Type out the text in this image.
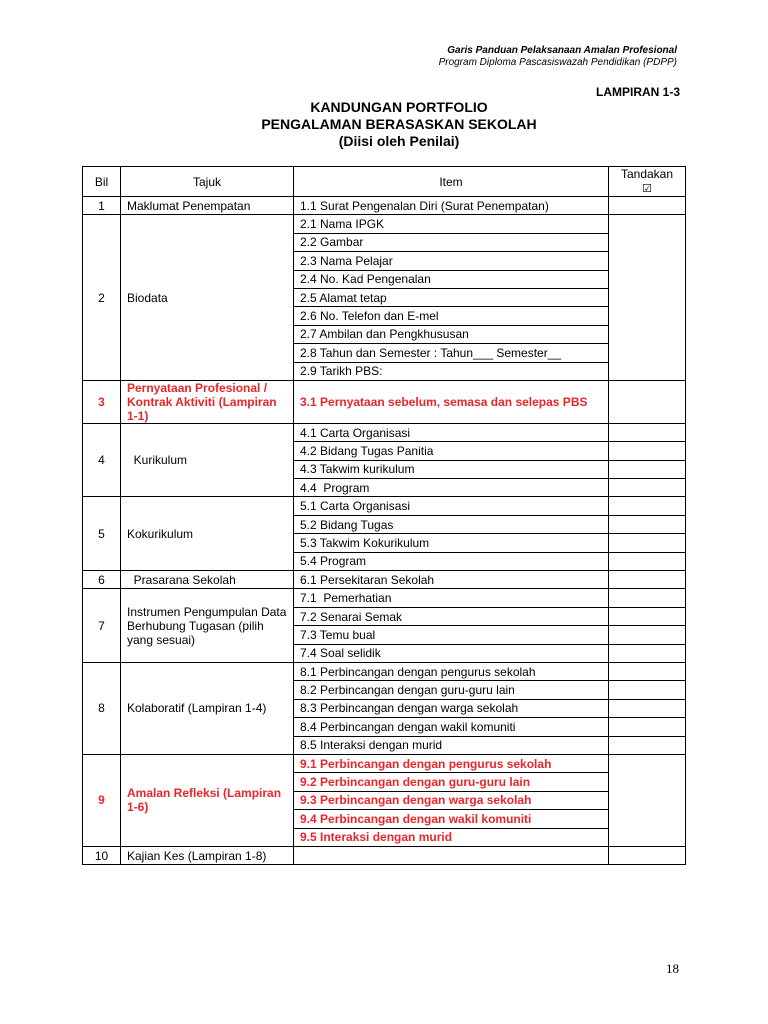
Garis Panduan Pelaksanaan Amalan Profesional
Program Diploma Pascasiswazah Pendidikan (PDPP)
LAMPIRAN 1-3
KANDUNGAN PORTFOLIO
PENGALAMAN BERASASKAN SEKOLAH
(Diisi oleh Penilai)
Bil	Tajuk	Item	Tandakan
☑
1	Maklumat Penempatan	1.1 Surat Pengenalan Diri (Surat Penempatan)	
2	Biodata	2.1 Nama IPGK	
		2.2 Gambar	
		2.3 Nama Pelajar	
		2.4 No. Kad Pengenalan	
		2.5 Alamat tetap	
		2.6 No. Telefon dan E-mel	
		2.7 Ambilan dan Pengkhususan	
		2.8 Tahun dan Semester : Tahun___ Semester__	
		2.9 Tarikh PBS:	
3	Pernyataan Profesional / Kontrak Aktiviti (Lampiran 1-1)	3.1 Pernyataan sebelum, semasa dan selepas PBS	
4	Kurikulum	4.1 Carta Organisasi	
		4.2 Bidang Tugas Panitia	
		4.3 Takwim kurikulum	
		4.4  Program	
5	Kokurikulum	5.1 Carta Organisasi	
		5.2 Bidang Tugas	
		5.3 Takwim Kokurikulum	
		5.4 Program	
6	Prasarana Sekolah	6.1 Persekitaran Sekolah	
7	Instrumen Pengumpulan Data Berhubung Tugasan (pilih yang sesuai)	7.1  Pemerhatian	
		7.2 Senarai Semak	
		7.3 Temu bual	
		7.4 Soal selidik	
8	Kolaboratif (Lampiran 1-4)	8.1 Perbincangan dengan pengurus sekolah	
		8.2 Perbincangan dengan guru-guru lain	
		8.3 Perbincangan dengan warga sekolah	
		8.4 Perbincangan dengan wakil komuniti	
		8.5 Interaksi dengan murid	
9	Amalan Refleksi (Lampiran 1-6)	9.1 Perbincangan dengan pengurus sekolah	
		9.2 Perbincangan dengan guru-guru lain	
		9.3 Perbincangan dengan warga sekolah	
		9.4 Perbincangan dengan wakil komuniti	
		9.5 Interaksi dengan murid	
10	Kajian Kes (Lampiran 1-8)		
18
